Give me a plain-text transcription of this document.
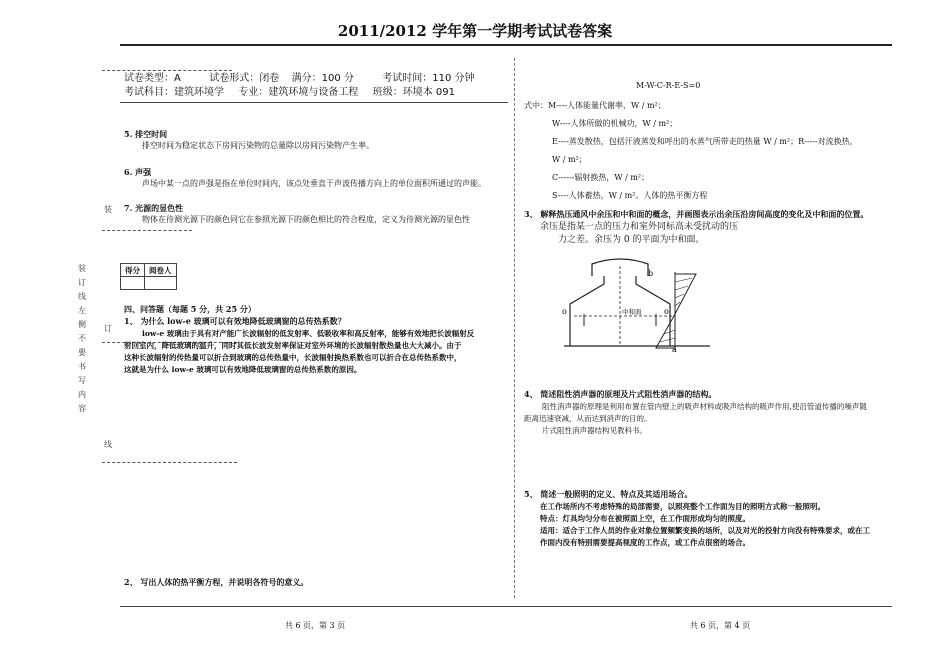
2011/2012 学年第一学期考试试卷答案
装
订
线
装
订
线
左
侧
不
要
书
写
内
容
试卷类型：A	试卷形式：闭卷 满分：100 分	考试时间：110 分钟
考试科目：建筑环境学 专业：建筑环境与设备工程 班级：环境本 091
5. 排空时间
排空时间为稳定状态下房间污染物的总量除以房间污染物产生率。
6. 声强
声场中某一点的声强是指在单位时间内，该点处垂直于声波传播方向上的单位面积所通过的声能。
7. 光源的显色性
物体在待测光源下的颜色同它在参照光源下的颜色相比的符合程度，定义为待测光源的显色性
得分	阅卷人

四、问答题（每题 5 分，共 25 分）
1、 为什么 low-e 玻璃可以有效地降低玻璃窗的总传热系数？
low-e 玻璃由于具有对产能广长波辐射的低发射率、低吸收率和高反射率，能够有效地把长波辐射反
射回室内，降低玻璃的温升，同时其低长波发射率保证对室外环境的长波辐射散热量也大大减小。由于
这种长波辐射的传热量可以折合到玻璃的总传热量中，长波辐射换热系数也可以折合在总传热系数中，
这就是为什么 low-e 玻璃可以有效地降低玻璃窗的总传热系数的原因。
2、 写出人体的热平衡方程，并说明各符号的意义。
M-W-C-R-E-S=0
式中：M----人体能量代谢率，W / m²；
W----人体所做的机械功，W / m²；
E----蒸发散热，包括汗液蒸发和呼出的水蒸气所带走的热量 W / m²；R-----对流换热，
W / m²；
C------辐射换热，W / m²；
S----人体蓄热，W / m²。人体的热平衡方程
3、 解释热压通风中余压和中和面的概念，并画图表示出余压沿房间高度的变化及中和面的位置。
余压是指某一点的压力和室外同标高未受扰动的压
力之差。余压为 0 的平面为中和面。
b
o	o
a
中和面
4、 简述阻性消声器的原理及片式阻性消声器的结构。
阻性消声器的原理是利用布置在管内壁上的吸声材料或吸声结构的吸声作用,使沿管道传播的噪声随
距离迅速衰减，从而达到消声的目的。
片式阻性消声器结构见教科书。
5、 简述一般照明的定义、特点及其适用场合。
在工作场所内不考虑特殊的局部需要，以照亮整个工作面为目的照明方式称一般照明。
特点：灯具均匀分布在被照面上空，在工作面形成均匀的照度。
适用：适合于工作人员的作业对象位置频繁变换的场所，以及对光的投射方向没有特殊要求，或在工
作面内没有特别需要提高视度的工作点，或工作点很密的场合。
共 6 页，第 3 页	共 6 页，第 4 页
